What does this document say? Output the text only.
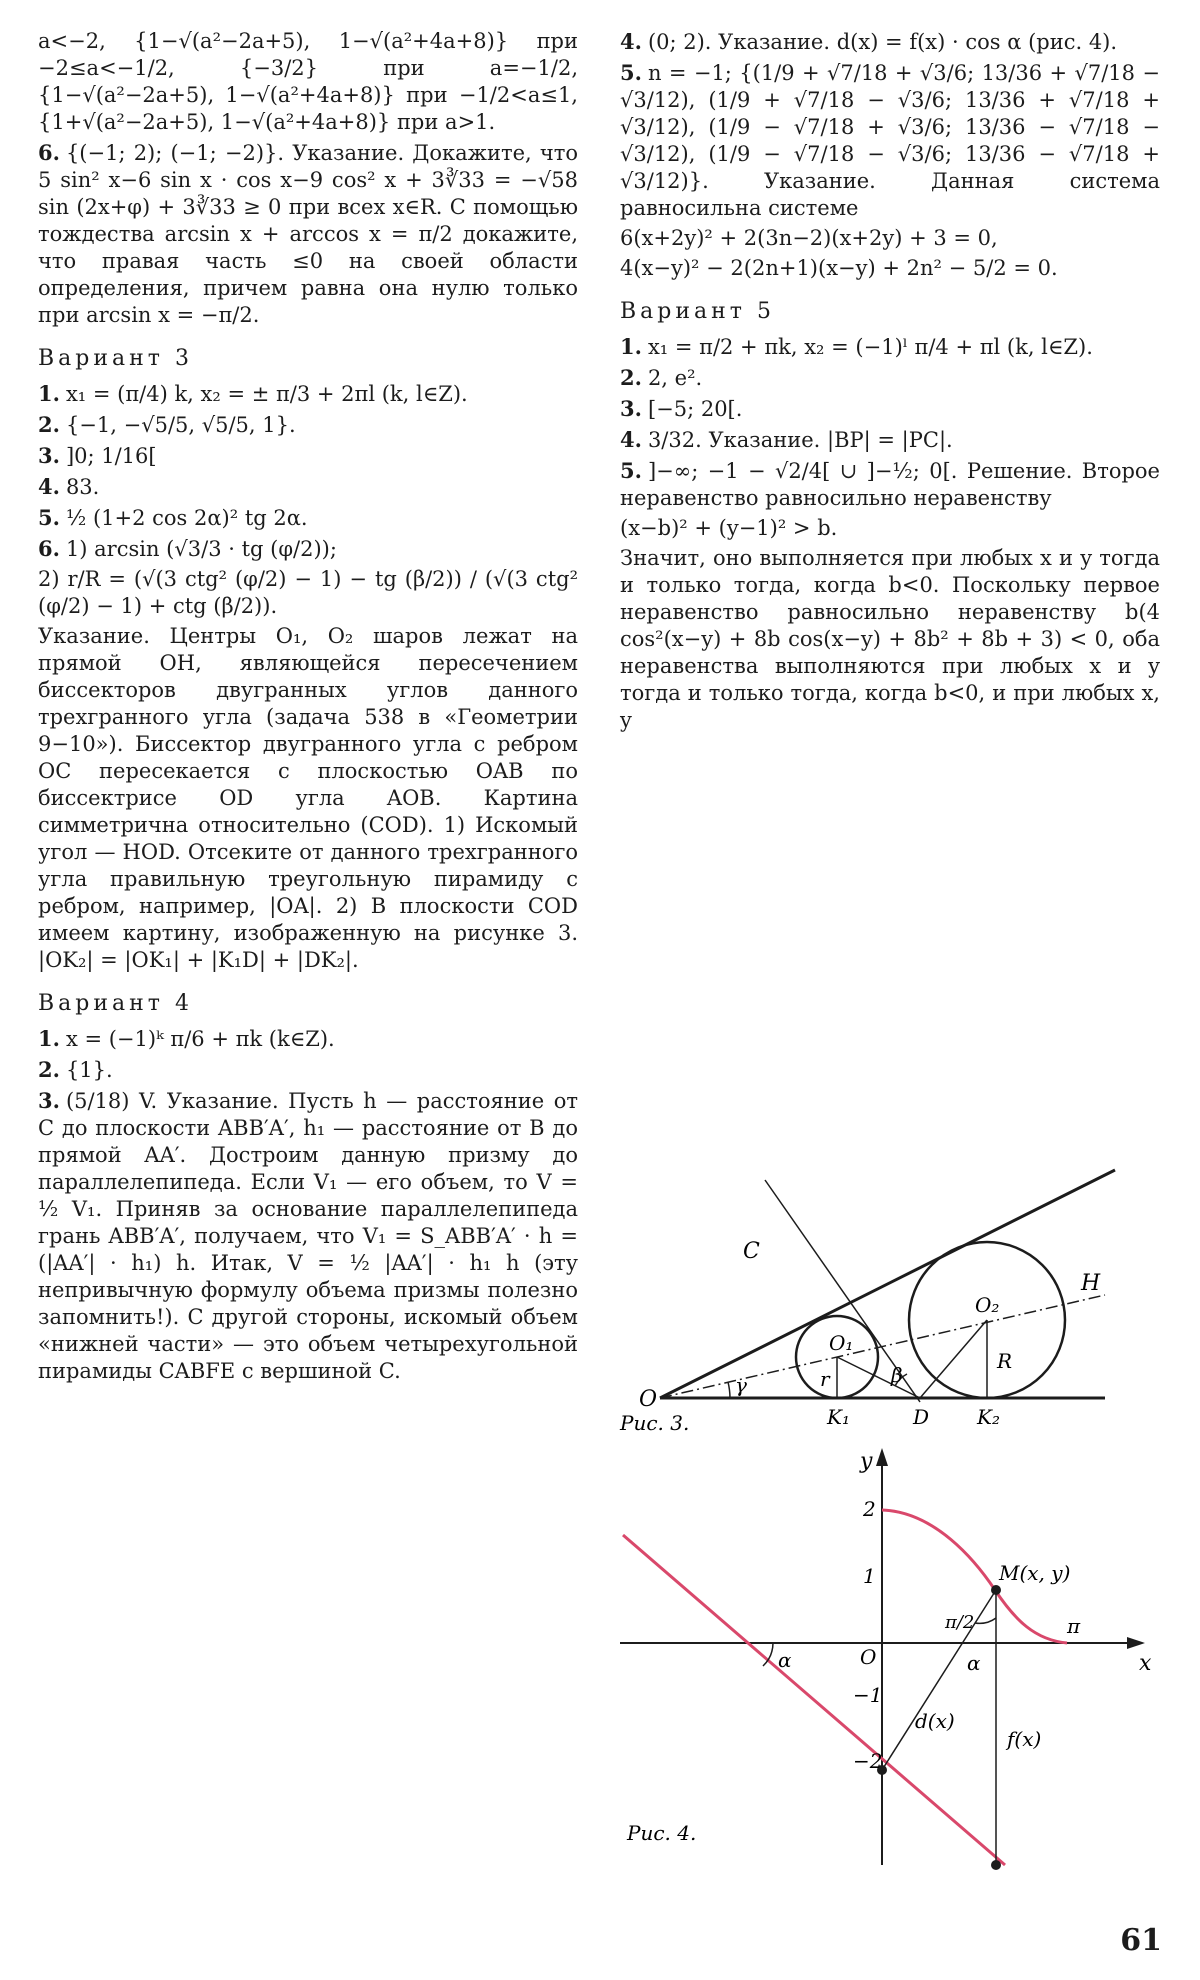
a<−2, {1−√(a²−2a+5), 1−√(a²+4a+8)} при −2≤a<−1/2, {−3/2} при a=−1/2, {1−√(a²−2a+5), 1−√(a²+4a+8)} при −1/2<a≤1, {1+√(a²−2a+5), 1−√(a²+4a+8)} при a>1.
6. {(−1; 2); (−1; −2)}. Указание. Докажите, что 5 sin² x−6 sin x · cos x−9 cos² x + 3∛33 = −√58 sin (2x+φ) + 3∛33 ≥ 0 при всех x∈R. С помощью тождества arcsin x + arccos x = π/2 докажите, что правая часть ≤0 на своей области определения, причем равна она нулю только при arcsin x = −π/2.
Вариант 3
1. x₁ = (π/4) k, x₂ = ± π/3 + 2πl (k, l∈Z).
2. {−1, −√5/5, √5/5, 1}.
3. ]0; 1/16[
4. 83.
5. ½ (1+2 cos 2α)² tg 2α.
6. 1) arcsin (√3/3 · tg (φ/2));
2) r/R = (√(3 ctg² (φ/2) − 1) − tg (β/2)) / (√(3 ctg² (φ/2) − 1) + ctg (β/2)).
Указание. Центры O₁, O₂ шаров лежат на прямой OH, являющейся пересечением биссекторов двугранных углов данного трехгранного угла (задача 538 в «Геометрии 9−10»). Биссектор двугранного угла с ребром OC пересекается с плоскостью OAB по биссектрисе OD угла AOB. Картина симметрична относительно (COD). 1) Искомый угол — HOD. Отсеките от данного трехгранного угла правильную треугольную пирамиду с ребром, например, |OA|. 2) В плоскости COD имеем картину, изображенную на рисунке 3. |OK₂| = |OK₁| + |K₁D| + |DK₂|.
Вариант 4
1. x = (−1)ᵏ π/6 + πk (k∈Z).
2. {1}.
3. (5/18) V. Указание. Пусть h — расстояние от C до плоскости ABB′A′, h₁ — расстояние от B до прямой AA′. Достроим данную призму до параллелепипеда. Если V₁ — его объем, то V = ½ V₁. Приняв за основание параллелепипеда грань ABB′A′, получаем, что V₁ = S_ABB′A′ · h = (|AA′| · h₁) h. Итак, V = ½ |AA′| · h₁ h (эту непривычную формулу объема призмы полезно запомнить!). С другой стороны, искомый объем «нижней части» — это объем четырехугольной пирамиды CABFE с вершиной C.
4. (0; 2). Указание. d(x) = f(x) · cos α (рис. 4).
5. n = −1; {(1/9 + √7/18 + √3/6; 13/36 + √7/18 − √3/12), (1/9 + √7/18 − √3/6; 13/36 + √7/18 + √3/12), (1/9 − √7/18 + √3/6; 13/36 − √7/18 − √3/12), (1/9 − √7/18 − √3/6; 13/36 − √7/18 + √3/12)}. Указание. Данная система равносильна системе
6(x+2y)² + 2(3n−2)(x+2y) + 3 = 0,
4(x−y)² − 2(2n+1)(x−y) + 2n² − 5/2 = 0.
Вариант 5
1. x₁ = π/2 + πk, x₂ = (−1)ˡ π/4 + πl (k, l∈Z).
2. 2, e².
3. [−5; 20[.
4. 3/32. Указание. |BP| = |PC|.
5. ]−∞; −1 − √2/4[ ∪ ]−½; 0[. Решение. Второе неравенство равносильно неравенству
(x−b)² + (y−1)² > b.
Значит, оно выполняется при любых x и y тогда и только тогда, когда b<0. Поскольку первое неравенство равносильно неравенству b(4 cos²(x−y) + 8b cos(x−y) + 8b² + 8b + 3) < 0, оба неравенства выполняются при любых x и y тогда и только тогда, когда b<0, и при любых x, y
O
C
H
O₁
O₂
K₁	K₂
D
r
R
γ	β
Рис. 3.
x
y
O
M(x, y)
α	α
d(x)
f(x)
π
π/2
2
1
−1
−2
Рис. 4.
61
